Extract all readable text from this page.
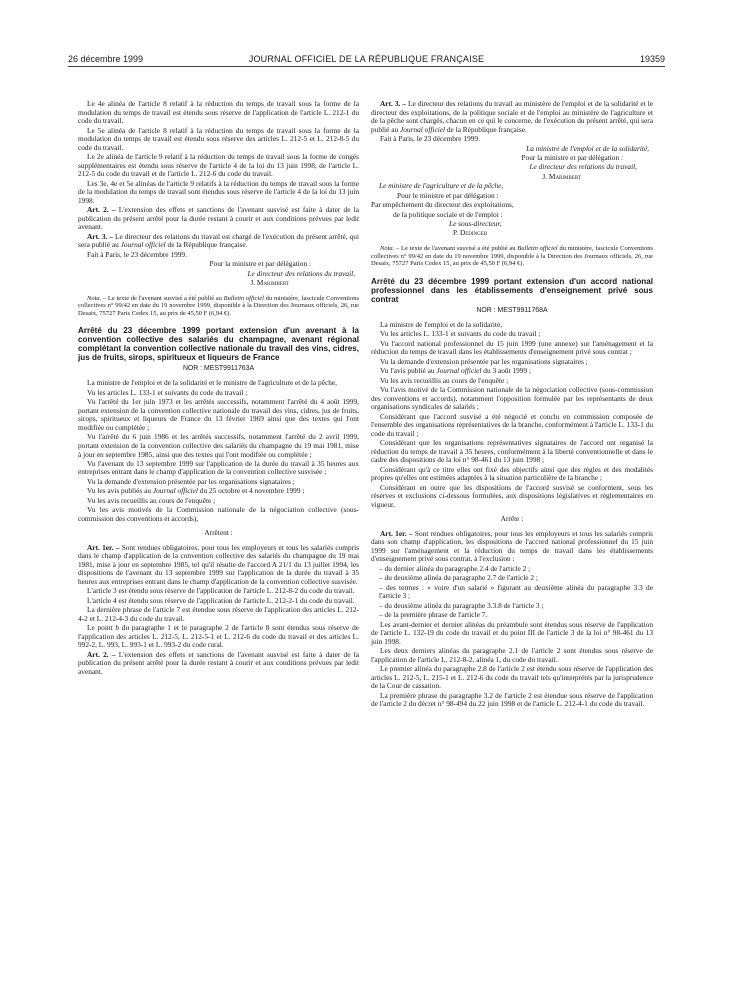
26 décembre 1999	JOURNAL OFFICIEL DE LA RÉPUBLIQUE FRANÇAISE	19359

Le 4e alinéa de l'article 8 relatif à la réduction du temps de travail sous la forme de la modulation du temps de travail est étendu sous réserve de l'application de l'article L. 212-1 du code du travail.

Le 5e alinéa de l'article 8 relatif à la réduction du temps de travail sous la forme de la modulation du temps de travail est étendu sous réserve des articles L. 212-5 et L. 212-8-5 du code du travail.

Le 2e alinéa de l'article 9 relatif à la réduction du temps de travail sous la forme de congés supplémentaires est étendu sous réserve de l'article 4 de la loi du 13 juin 1998, de l'article L. 212-5 du code du travail et de l'article L. 212-6 du code du travail.

Les 3e, 4e et 5e alinéas de l'article 9 relatifs à la réduction du temps de travail sous la forme de la modulation du temps de travail sont étendus sous réserve de l'article 4 de la loi du 13 juin 1998.

Art. 2. – L'extension des effets et sanctions de l'avenant susvisé est faite à dater de la publication du présent arrêté pour la durée restant à courir et aux conditions prévues par ledit avenant.

Art. 3. – Le directeur des relations du travail est chargé de l'exécution du présent arrêté, qui sera publié au Journal officiel de la République française.

Fait à Paris, le 23 décembre 1999.

Pour la ministre et par délégation :

Le directeur des relations du travail,

J. Marimbert

Nota. – Le texte de l'avenant susvisé a été publié au Bulletin officiel du ministère, fascicule Conventions collectives n° 99/42 en date du 19 novembre 1999, disponible à la Direction des Journaux officiels, 26, rue Desaix, 75727 Paris Cedex 15, au prix de 45,50 F (6,94 €).

Arrêté du 23 décembre 1999 portant extension d'un avenant à la convention collective des salariés du champagne, avenant régional complétant la convention collective nationale du travail des vins, cidres, jus de fruits, sirops, spiritueux et liqueurs de France

NOR : MEST9911763A

La ministre de l'emploi et de la solidarité et le ministre de l'agriculture et de la pêche,

Vu les articles L. 133-1 et suivants du code du travail ;

Vu l'arrêté du 1er juin 1973 et les arrêtés successifs, notamment l'arrêté du 4 août 1999, portant extension de la convention collective nationale du travail des vins, cidres, jus de fruits, sirops, spiritueux et liqueurs de France du 13 février 1969 ainsi que des textes qui l'ont modifiée ou complétée ;

Vu l'arrêté du 6 juin 1986 et les arrêtés successifs, notamment l'arrêté du 2 avril 1999, portant extension de la convention collective des salariés du champagne du 19 mai 1981, mise à jour en septembre 1985, ainsi que des textes qui l'ont modifiée ou complétée ;

Vu l'avenant du 13 septembre 1999 sur l'application de la durée du travail à 35 heures aux entreprises entrant dans le champ d'application de la convention collective susvisée ;

Vu la demande d'extension présentée par les organisations signataires ;

Vu les avis publiés au Journal officiel du 25 octobre et 4 novembre 1999 ;

Vu les avis recueillis au cours de l'enquête ;

Vu les avis motivés de la Commission nationale de la négociation collective (sous-commission des conventions et accords),

Arrêtent :

Art. 1er. – Sont rendues obligatoires, pour tous les employeurs et tous les salariés compris dans le champ d'application de la convention collective des salariés du champagne du 19 mai 1981, mise à jour en septembre 1985, tel qu'il résulte de l'accord A 21/1 du 13 juillet 1994, les dispositions de l'avenant du 13 septembre 1999 sur l'application de la durée du travail à 35 heures aux entreprises entrant dans le champ d'application de la convention collective susvisée.

L'article 3 est étendu sous réserve de l'application de l'article L. 212-8-2 du code du travail.

L'article 4 est étendu sous réserve de l'application de l'article L. 212-2-1 du code du travail.

La dernière phrase de l'article 7 est étendue sous réserve de l'application des articles L. 212-4-2 et L. 212-4-3 du code du travail.

Le point b du paragraphe 1 et le paragraphe 2 de l'article 8 sont étendus sous réserve de l'application des articles L. 212-5, L. 212-5-1 et L. 212-6 du code du travail et des articles L. 992-2, L. 993, L. 993-1 et L. 993-2 du code rural.

Art. 2. – L'extension des effets et sanctions de l'avenant susvisé est faite à dater de la publication du présent arrêté pour la durée restant à courir et aux conditions prévues par ledit avenant.

Art. 3. – Le directeur des relations du travail au ministère de l'emploi et de la solidarité et le directeur des exploitations, de la politique sociale et de l'emploi au ministère de l'agriculture et de la pêche sont chargés, chacun en ce qui le concerne, de l'exécution du présent arrêté, qui sera publié au Journal officiel de la République française.

Fait à Paris, le 23 décembre 1999.

La ministre de l'emploi et de la solidarité,

Pour la ministre et par délégation :

Le directeur des relations du travail,

J. Marimbert

Le ministre de l'agriculture et de la pêche,

Pour le ministre et par délégation :

Par empêchement du directeur des exploitations,

de la politique sociale et de l'emploi :

Le sous-directeur,

P. Dedinger

Nota. – Le texte de l'avenant susvisé a été publié au Bulletin officiel du ministère, fascicule Conventions collectives n° 99/42 en date du 19 novembre 1999, disponible à la Direction des Journaux officiels, 26, rue Desaix, 75727 Paris Cedex 15, au prix de 45,50 F (6,94 €).

Arrêté du 23 décembre 1999 portant extension d'un accord national professionnel dans les établissements d'enseignement privé sous contrat

NOR : MEST9911768A

La ministre de l'emploi et de la solidarité,

Vu les articles L. 133-1 et suivants du code du travail ;

Vu l'accord national professionnel du 15 juin 1999 (une annexe) sur l'aménagement et la réduction du temps de travail dans les établissements d'enseignement privé sous contrat ;

Vu la demande d'extension présentée par les organisations signataires ;

Vu l'avis publié au Journal officiel du 3 août 1999 ;

Vu les avis recueillis au cours de l'enquête ;

Vu l'avis motivé de la Commission nationale de la négociation collective (sous-commission des conventions et accords), notamment l'opposition formulée par les représentants de deux organisations syndicales de salariés ;

Considérant que l'accord susvisé a été négocié et conclu en commission composée de l'ensemble des organisations représentatives de la branche, conformément à l'article L. 133-1 du code du travail ;

Considérant que les organisations représentatives signataires de l'accord ont organisé la réduction du temps de travail à 35 heures, conformément à la liberté conventionnelle et dans le cadre des dispositions de la loi n° 98-461 du 13 juin 1998 ;

Considérant qu'à ce titre elles ont fixé des objectifs ainsi que des règles et des modalités propres qu'elles ont estimées adaptées à la situation particulière de la branche ;

Considérant en outre que les dispositions de l'accord susvisé se conforment, sous les réserves et exclusions ci-dessous formulées, aux dispositions législatives et réglementaires en vigueur,

Arrête :

Art. 1er. – Sont rendues obligatoires, pour tous les employeurs et tous les salariés compris dans son champ d'application, les dispositions de l'accord national professionnel du 15 juin 1999 sur l'aménagement et la réduction du temps de travail dans les établissements d'enseignement privé sous contrat, à l'exclusion :

– du dernier alinéa du paragraphe 2.4 de l'article 2 ;
– du deuxième alinéa du paragraphe 2.7 de l'article 2 ;
– des termes : « voire d'un salarié » figurant au deuxième alinéa du paragraphe 3.3 de l'article 3 ;
– du deuxième alinéa du paragraphe 3.3.8 de l'article 3 ;
– de la première phrase de l'article 7.

Les avant-dernier et dernier alinéas du préambule sont étendus sous réserve de l'application de l'article L. 132-19 du code du travail et du point III de l'article 3 de la loi n° 98-461 du 13 juin 1998.

Les deux derniers alinéas du paragraphe 2.1 de l'article 2 sont étendus sous réserve de l'application de l'article L. 212-8-2, alinéa 1, du code du travail.

Le premier alinéa du paragraphe 2.8 de l'article 2 est étendu sous réserve de l'application des articles L. 212-5, L. 215-1 et L. 212-6 du code du travail tels qu'interprétés par la jurisprudence de la Cour de cassation.

La première phrase du paragraphe 3.2 de l'article 2 est étendue sous réserve de l'application de l'article 2 du décret n° 98-494 du 22 juin 1998 et de l'article L. 212-4-1 du code du travail.
